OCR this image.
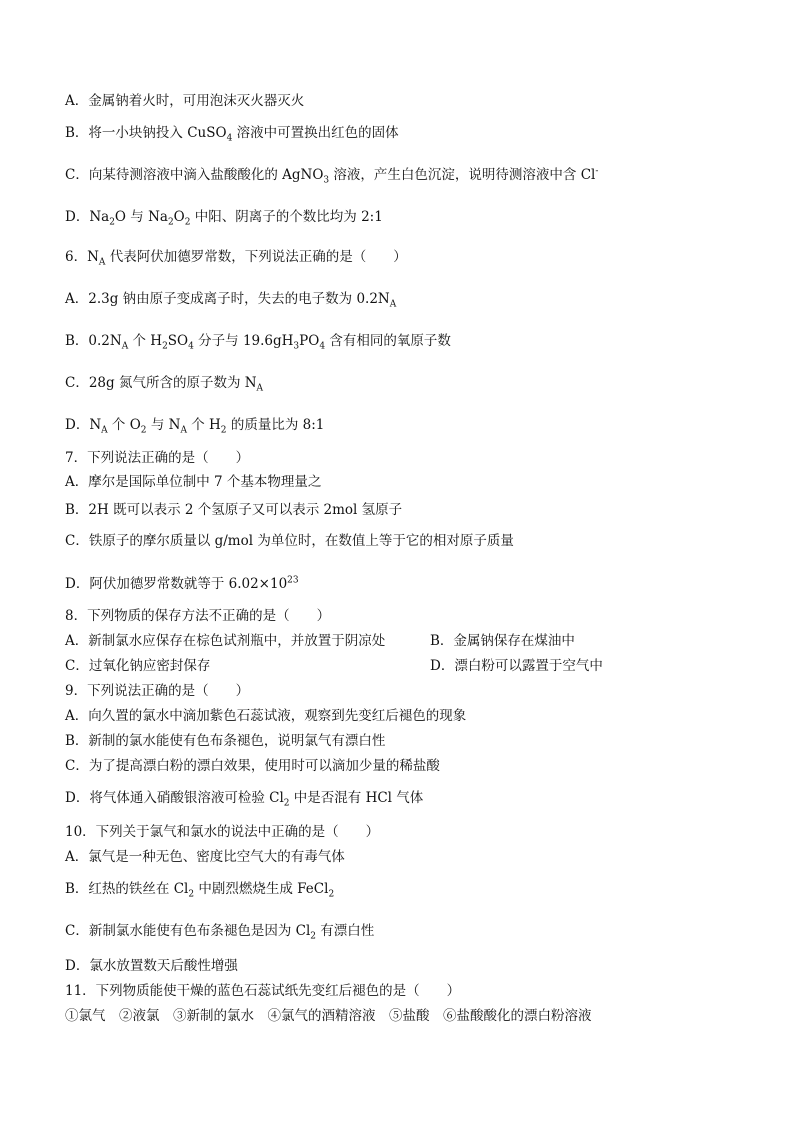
A．金属钠着火时，可用泡沫灭火器灭火
B．将一小块钠投入 CuSO$_4$ 溶液中可置换出红色的固体
C．向某待测溶液中滴入盐酸酸化的 AgNO$_3$ 溶液，产生白色沉淀，说明待测溶液中含 Cl-
D．$Na_2O$ 与 $Na_2O_2$ 中阳、阴离子的个数比均为 2:1
6．$N_A$ 代表阿伏加德罗常数，下列说法正确的是（　　）
A．2.3g 钠由原子变成离子时，失去的电子数为 $0.2N_A$
B．$0.2N_A$ 个 $H_2SO_4$ 分子与 $19.6gH_3PO_4$ 含有相同的氧原子数
C．28g 氮气所含的原子数为 $N_A$
D．$N_A$ 个 $O_2$ 与 $N_A$ 个 $H_2$ 的质量比为 8:1
7．下列说法正确的是（　　）
A．摩尔是国际单位制中 7 个基本物理量之
B．2H 既可以表示 2 个氢原子又可以表示 2mol 氢原子
C．铁原子的摩尔质量以 g/mol 为单位时，在数值上等于它的相对原子质量
D．阿伏加德罗常数就等于 $6.02\times 10^{23}$
8．下列物质的保存方法不正确的是（　　）
A．新制氯水应保存在棕色试剂瓶中，并放置于阴凉处	B．金属钠保存在煤油中
C．过氧化钠应密封保存	D．漂白粉可以露置于空气中
9．下列说法正确的是（　　）
A．向久置的氯水中滴加紫色石蕊试液，观察到先变红后褪色的现象
B．新制的氯水能使有色布条褪色，说明氯气有漂白性
C．为了提高漂白粉的漂白效果，使用时可以滴加少量的稀盐酸
D．将气体通入硝酸银溶液可检验 $Cl_2$ 中是否混有 HCl 气体
10．下列关于氯气和氯水的说法中正确的是（　　）
A．氯气是一种无色、密度比空气大的有毒气体
B．红热的铁丝在 $Cl_2$ 中剧烈燃烧生成 FeCl$_2$
C．新制氯水能使有色布条褪色是因为 $Cl_2$ 有漂白性
D．氯水放置数天后酸性增强
11．下列物质能使干燥的蓝色石蕊试纸先变红后褪色的是（　　）
①氯气　②液氯　③新制的氯水　④氯气的酒精溶液　⑤盐酸　⑥盐酸酸化的漂白粉溶液
